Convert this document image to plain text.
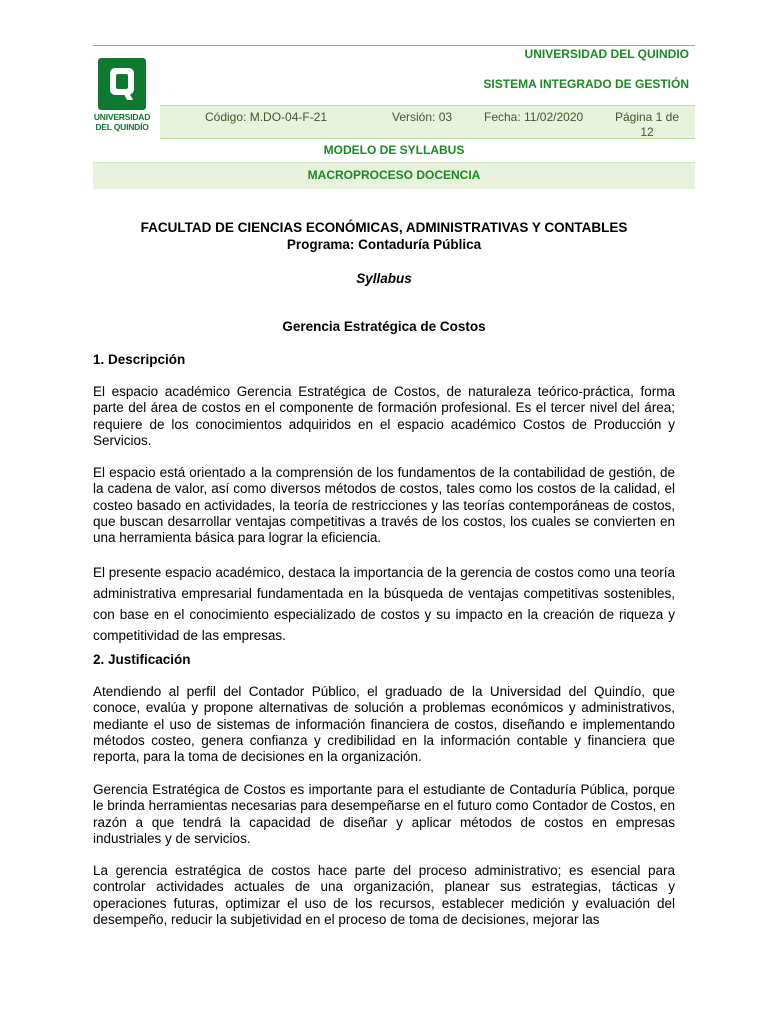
UNIVERSIDAD
DEL QUINDÍO
UNIVERSIDAD DEL QUINDIO
SISTEMA INTEGRADO DE GESTIÓN
Código: M.DO-04-F-21	Versión: 03	Fecha: 11/02/2020	Página 1 de
12
MODELO DE SYLLABUS
MACROPROCESO DOCENCIA
FACULTAD DE CIENCIAS ECONÓMICAS, ADMINISTRATIVAS Y CONTABLES
Programa: Contaduría Pública
Syllabus
Gerencia Estratégica de Costos
1. Descripción

El espacio académico Gerencia Estratégica de Costos, de naturaleza teórico-práctica, forma parte del área de costos en el componente de formación profesional. Es el tercer nivel del área; requiere de los conocimientos adquiridos en el espacio académico Costos de Producción y Servicios.

El espacio está orientado a la comprensión de los fundamentos de la contabilidad de gestión, de la cadena de valor, así como diversos métodos de costos, tales como los costos de la calidad, el costeo basado en actividades, la teoría de restricciones y las teorías contemporáneas de costos, que buscan desarrollar ventajas competitivas a través de los costos, los cuales se convierten en una herramienta básica para lograr la eficiencia.

El presente espacio académico, destaca la importancia de la gerencia de costos como una teoría administrativa empresarial fundamentada en la búsqueda de ventajas competitivas sostenibles, con base en el conocimiento especializado de costos y su impacto en la creación de riqueza y competitividad de las empresas.

2. Justificación

Atendiendo al perfil del Contador Público, el graduado de la Universidad del Quindío, que conoce, evalúa y propone alternativas de solución a problemas económicos y administrativos, mediante el uso de sistemas de información financiera de costos, diseñando e implementando métodos costeo, genera confianza y credibilidad en la información contable y financiera que reporta, para la toma de decisiones en la organización.

Gerencia Estratégica de Costos es importante para el estudiante de Contaduría Pública, porque le brinda herramientas necesarias para desempeñarse en el futuro como Contador de Costos, en razón a que tendrá la capacidad de diseñar y aplicar métodos de costos en empresas industriales y de servicios.

La gerencia estratégica de costos hace parte del proceso administrativo; es esencial para controlar actividades actuales de una organización, planear sus estrategias, tácticas y operaciones futuras, optimizar el uso de los recursos, establecer medición y evaluación del desempeño, reducir la subjetividad en el proceso de toma de decisiones, mejorar las
